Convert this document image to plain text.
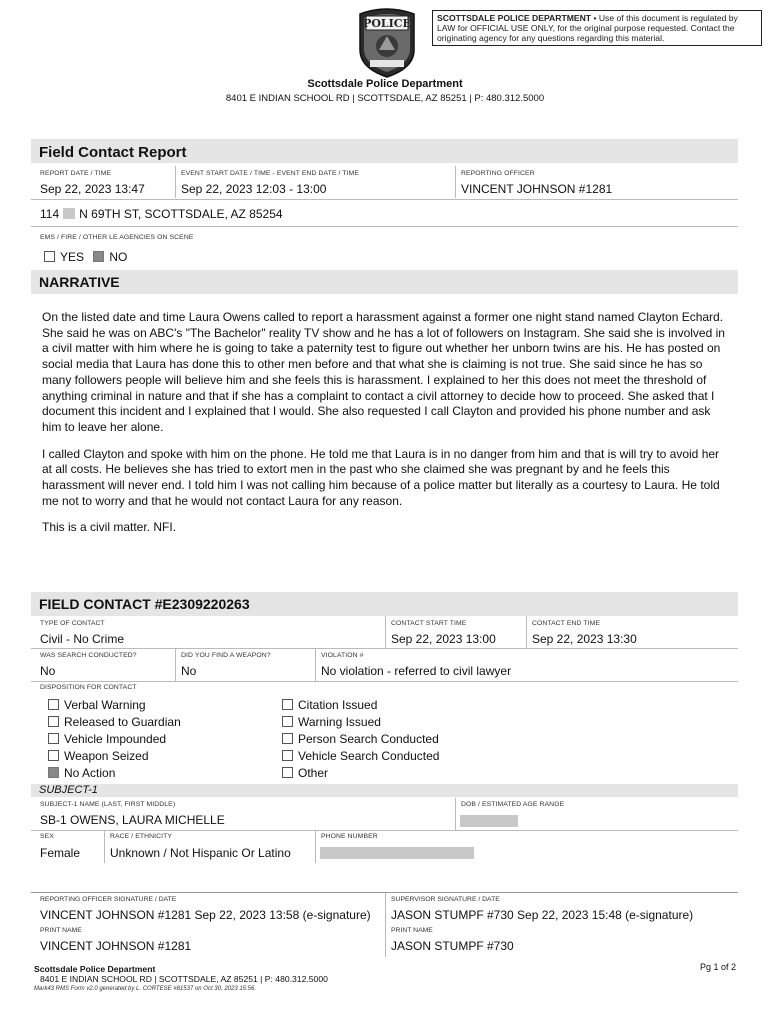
POLICE	SCOTTSDALE POLICE DEPARTMENT • Use of this document is regulated by LAW for OFFICIAL USE ONLY, for the original purpose requested. Contact the originating agency for any questions regarding this material.
Scottsdale Police Department
8401 E INDIAN SCHOOL RD | SCOTTSDALE, AZ 85251 | P: 480.312.5000
Field Contact Report
REPORT DATE / TIME
Sep 22, 2023 13:47
EVENT START DATE / TIME - EVENT END DATE / TIME
Sep 22, 2023 12:03 - 13:00
REPORTING OFFICER
VINCENT JOHNSON #1281
114 N 69TH ST, SCOTTSDALE, AZ 85254
EMS / FIRE / OTHER LE AGENCIES ON SCENE
YES NO
NARRATIVE

On the listed date and time Laura Owens called to report a harassment against a former one night stand named Clayton Echard. She said he was on ABC's "The Bachelor" reality TV show and he has a lot of followers on Instagram. She said she is involved in a civil matter with him where he is going to take a paternity test to figure out whether her unborn twins are his. He has posted on social media that Laura has done this to other men before and that what she is claiming is not true. She said since he has so many followers people will believe him and she feels this is harassment. I explained to her this does not meet the threshold of anything criminal in nature and that if she has a complaint to contact a civil attorney to decide how to proceed. She asked that I document this incident and I explained that I would. She also requested I call Clayton and provided his phone number and ask him to leave her alone.

I called Clayton and spoke with him on the phone. He told me that Laura is in no danger from him and that is will try to avoid her at all costs. He believes she has tried to extort men in the past who she claimed she was pregnant by and he feels this harassment will never end. I told him I was not calling him because of a police matter but literally as a courtesy to Laura. He told me not to worry and that he would not contact Laura for any reason.

This is a civil matter. NFI.

FIELD CONTACT #E2309220263
TYPE OF CONTACT
Civil - No Crime
CONTACT START TIME
Sep 22, 2023 13:00
CONTACT END TIME
Sep 22, 2023 13:30
WAS SEARCH CONDUCTED?
No
DID YOU FIND A WEAPON?
No
VIOLATION #
No violation - referred to civil lawyer
DISPOSITION FOR CONTACT
Verbal Warning
Released to Guardian
Vehicle Impounded
Weapon Seized
No Action
Citation Issued
Warning Issued
Person Search Conducted
Vehicle Search Conducted
Other
SUBJECT-1
SUBJECT-1 NAME (LAST, FIRST MIDDLE)
SB-1 OWENS, LAURA MICHELLE
DOB / ESTIMATED AGE RANGE
SEX
Female
RACE / ETHNICITY
Unknown / Not Hispanic Or Latino
PHONE NUMBER
REPORTING OFFICER SIGNATURE / DATE
VINCENT JOHNSON #1281 Sep 22, 2023 13:58 (e-signature)
PRINT NAME
VINCENT JOHNSON #1281
SUPERVISOR SIGNATURE / DATE
JASON STUMPF #730 Sep 22, 2023 15:48 (e-signature)
PRINT NAME
JASON STUMPF #730
Scottsdale Police Department
8401 E INDIAN SCHOOL RD | SCOTTSDALE, AZ 85251 | P: 480.312.5000
Mark43 RMS Form v2.0 generated by L. CORTESE #81537 on Oct 30, 2023 15:56.
Pg 1 of 2
